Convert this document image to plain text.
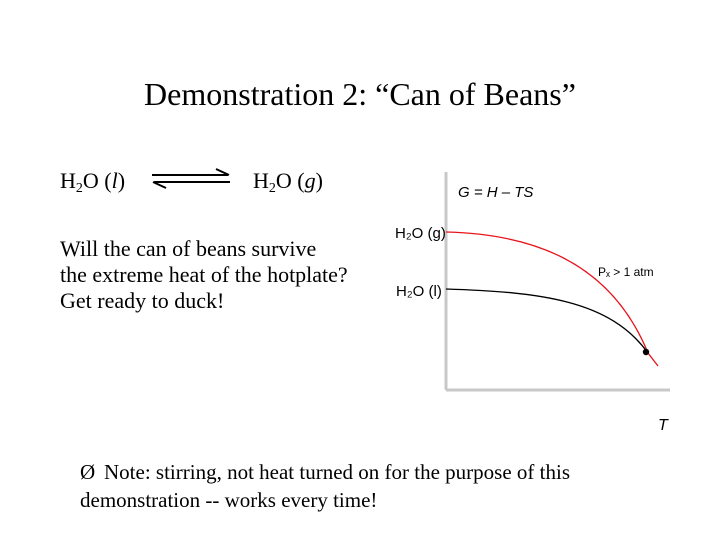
Demonstration 2: “Can of Beans”
$H_2O$ (l)	$H_2O$ (g)
Will the can of beans survive
the extreme heat of the hotplate?
Get ready to duck!
G = H – TS
H₂O (g)
H₂O (l)
Pₓ > 1 atm
T
Ø Note: stirring, not heat turned on for the purpose of this
demonstration -- works every time!
